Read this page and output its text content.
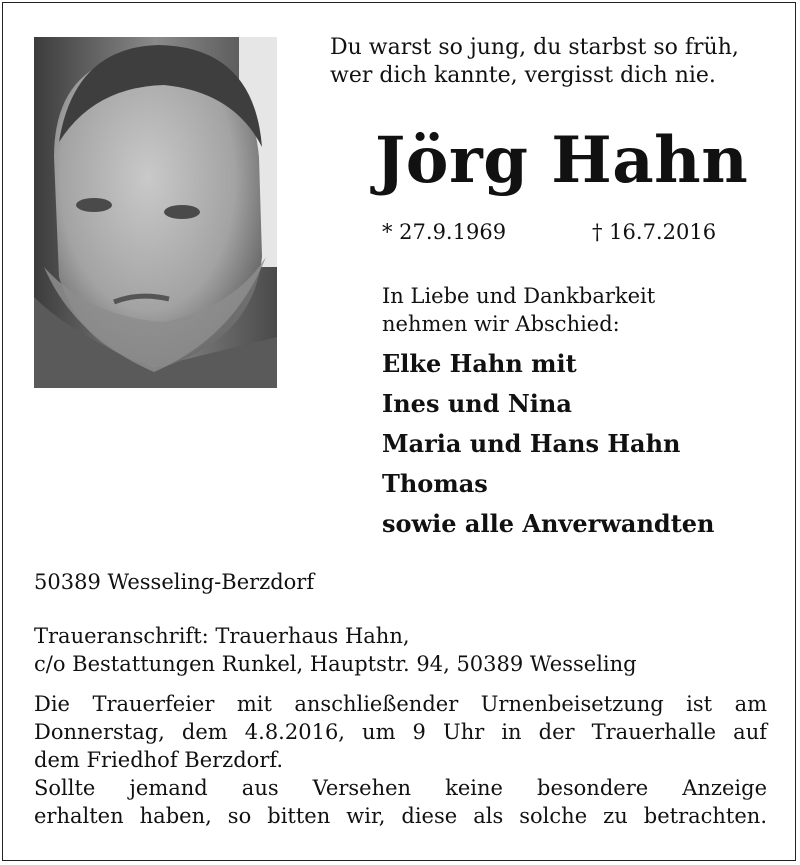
Du warst so jung, du starbst so früh,
wer dich kannte, vergisst dich nie.
Jörg Hahn
* 27.9.1969	† 16.7.2016
In Liebe und Dankbarkeit
nehmen wir Abschied:
Elke Hahn mit
Ines und Nina
Maria und Hans Hahn
Thomas
sowie alle Anverwandten
50389 Wesseling-Berzdorf
Traueranschrift: Trauerhaus Hahn,
c/o Bestattungen Runkel, Hauptstr. 94, 50389 Wesseling

Die Trauerfeier mit anschließender Urnenbeisetzung ist am

Donnerstag, dem 4.8.2016, um 9 Uhr in der Trauerhalle auf

dem Friedhof Berzdorf.

Sollte jemand aus Versehen keine besondere Anzeige

erhalten haben, so bitten wir, diese als solche zu betrachten.
